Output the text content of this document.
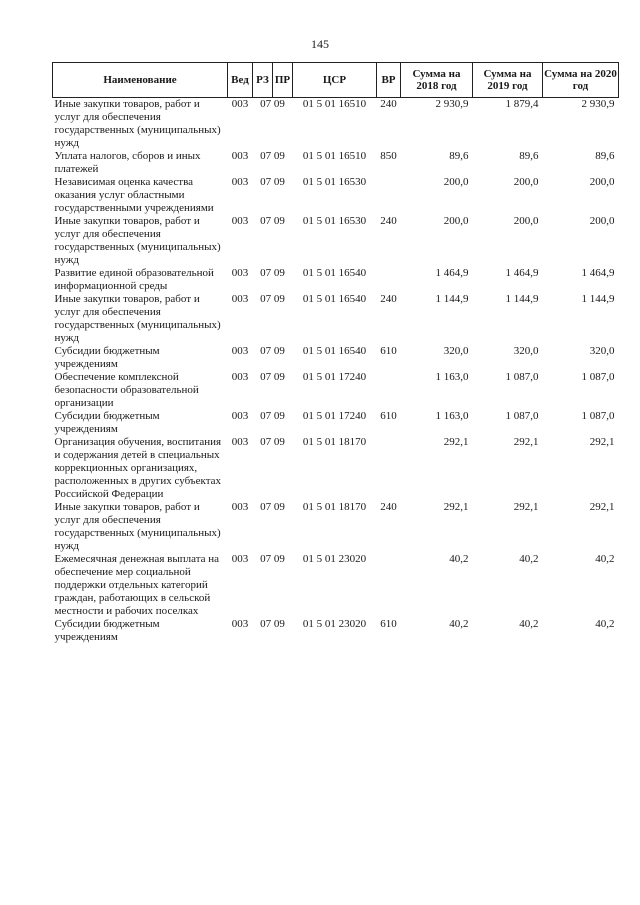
145
Наименование	Вед	РЗ	ПР	ЦСР	ВР	Сумма на 2018 год	Сумма на 2019 год	Сумма на 2020 год
Иные закупки товаров, работ и услуг для обеспечения государственных (муниципальных) нужд	003	07 09		01 5 01 16510	240	2 930,9	1 879,4	2 930,9
Уплата налогов, сборов и иных платежей	003	07 09		01 5 01 16510	850	89,6	89,6	89,6
Независимая оценка качества оказания услуг областными государственными учреждениями	003	07 09		01 5 01 16530		200,0	200,0	200,0
Иные закупки товаров, работ и услуг для обеспечения государственных (муниципальных) нужд	003	07 09		01 5 01 16530	240	200,0	200,0	200,0
Развитие единой образовательной информационной среды	003	07 09		01 5 01 16540		1 464,9	1 464,9	1 464,9
Иные закупки товаров, работ и услуг для обеспечения государственных (муниципальных) нужд	003	07 09		01 5 01 16540	240	1 144,9	1 144,9	1 144,9
Субсидии бюджетным учреждениям	003	07 09		01 5 01 16540	610	320,0	320,0	320,0
Обеспечение комплексной безопасности образовательной организации	003	07 09		01 5 01 17240		1 163,0	1 087,0	1 087,0
Субсидии бюджетным учреждениям	003	07 09		01 5 01 17240	610	1 163,0	1 087,0	1 087,0
Организация обучения, воспитания и содержания детей в специальных коррекционных организациях, расположенных в других субъектах Российской Федерации	003	07 09		01 5 01 18170		292,1	292,1	292,1
Иные закупки товаров, работ и услуг для обеспечения государственных (муниципальных) нужд	003	07 09		01 5 01 18170	240	292,1	292,1	292,1
Ежемесячная денежная выплата на обеспечение мер социальной поддержки отдельных категорий граждан, работающих в сельской местности и рабочих поселках	003	07 09		01 5 01 23020		40,2	40,2	40,2
Субсидии бюджетным учреждениям	003	07 09		01 5 01 23020	610	40,2	40,2	40,2
